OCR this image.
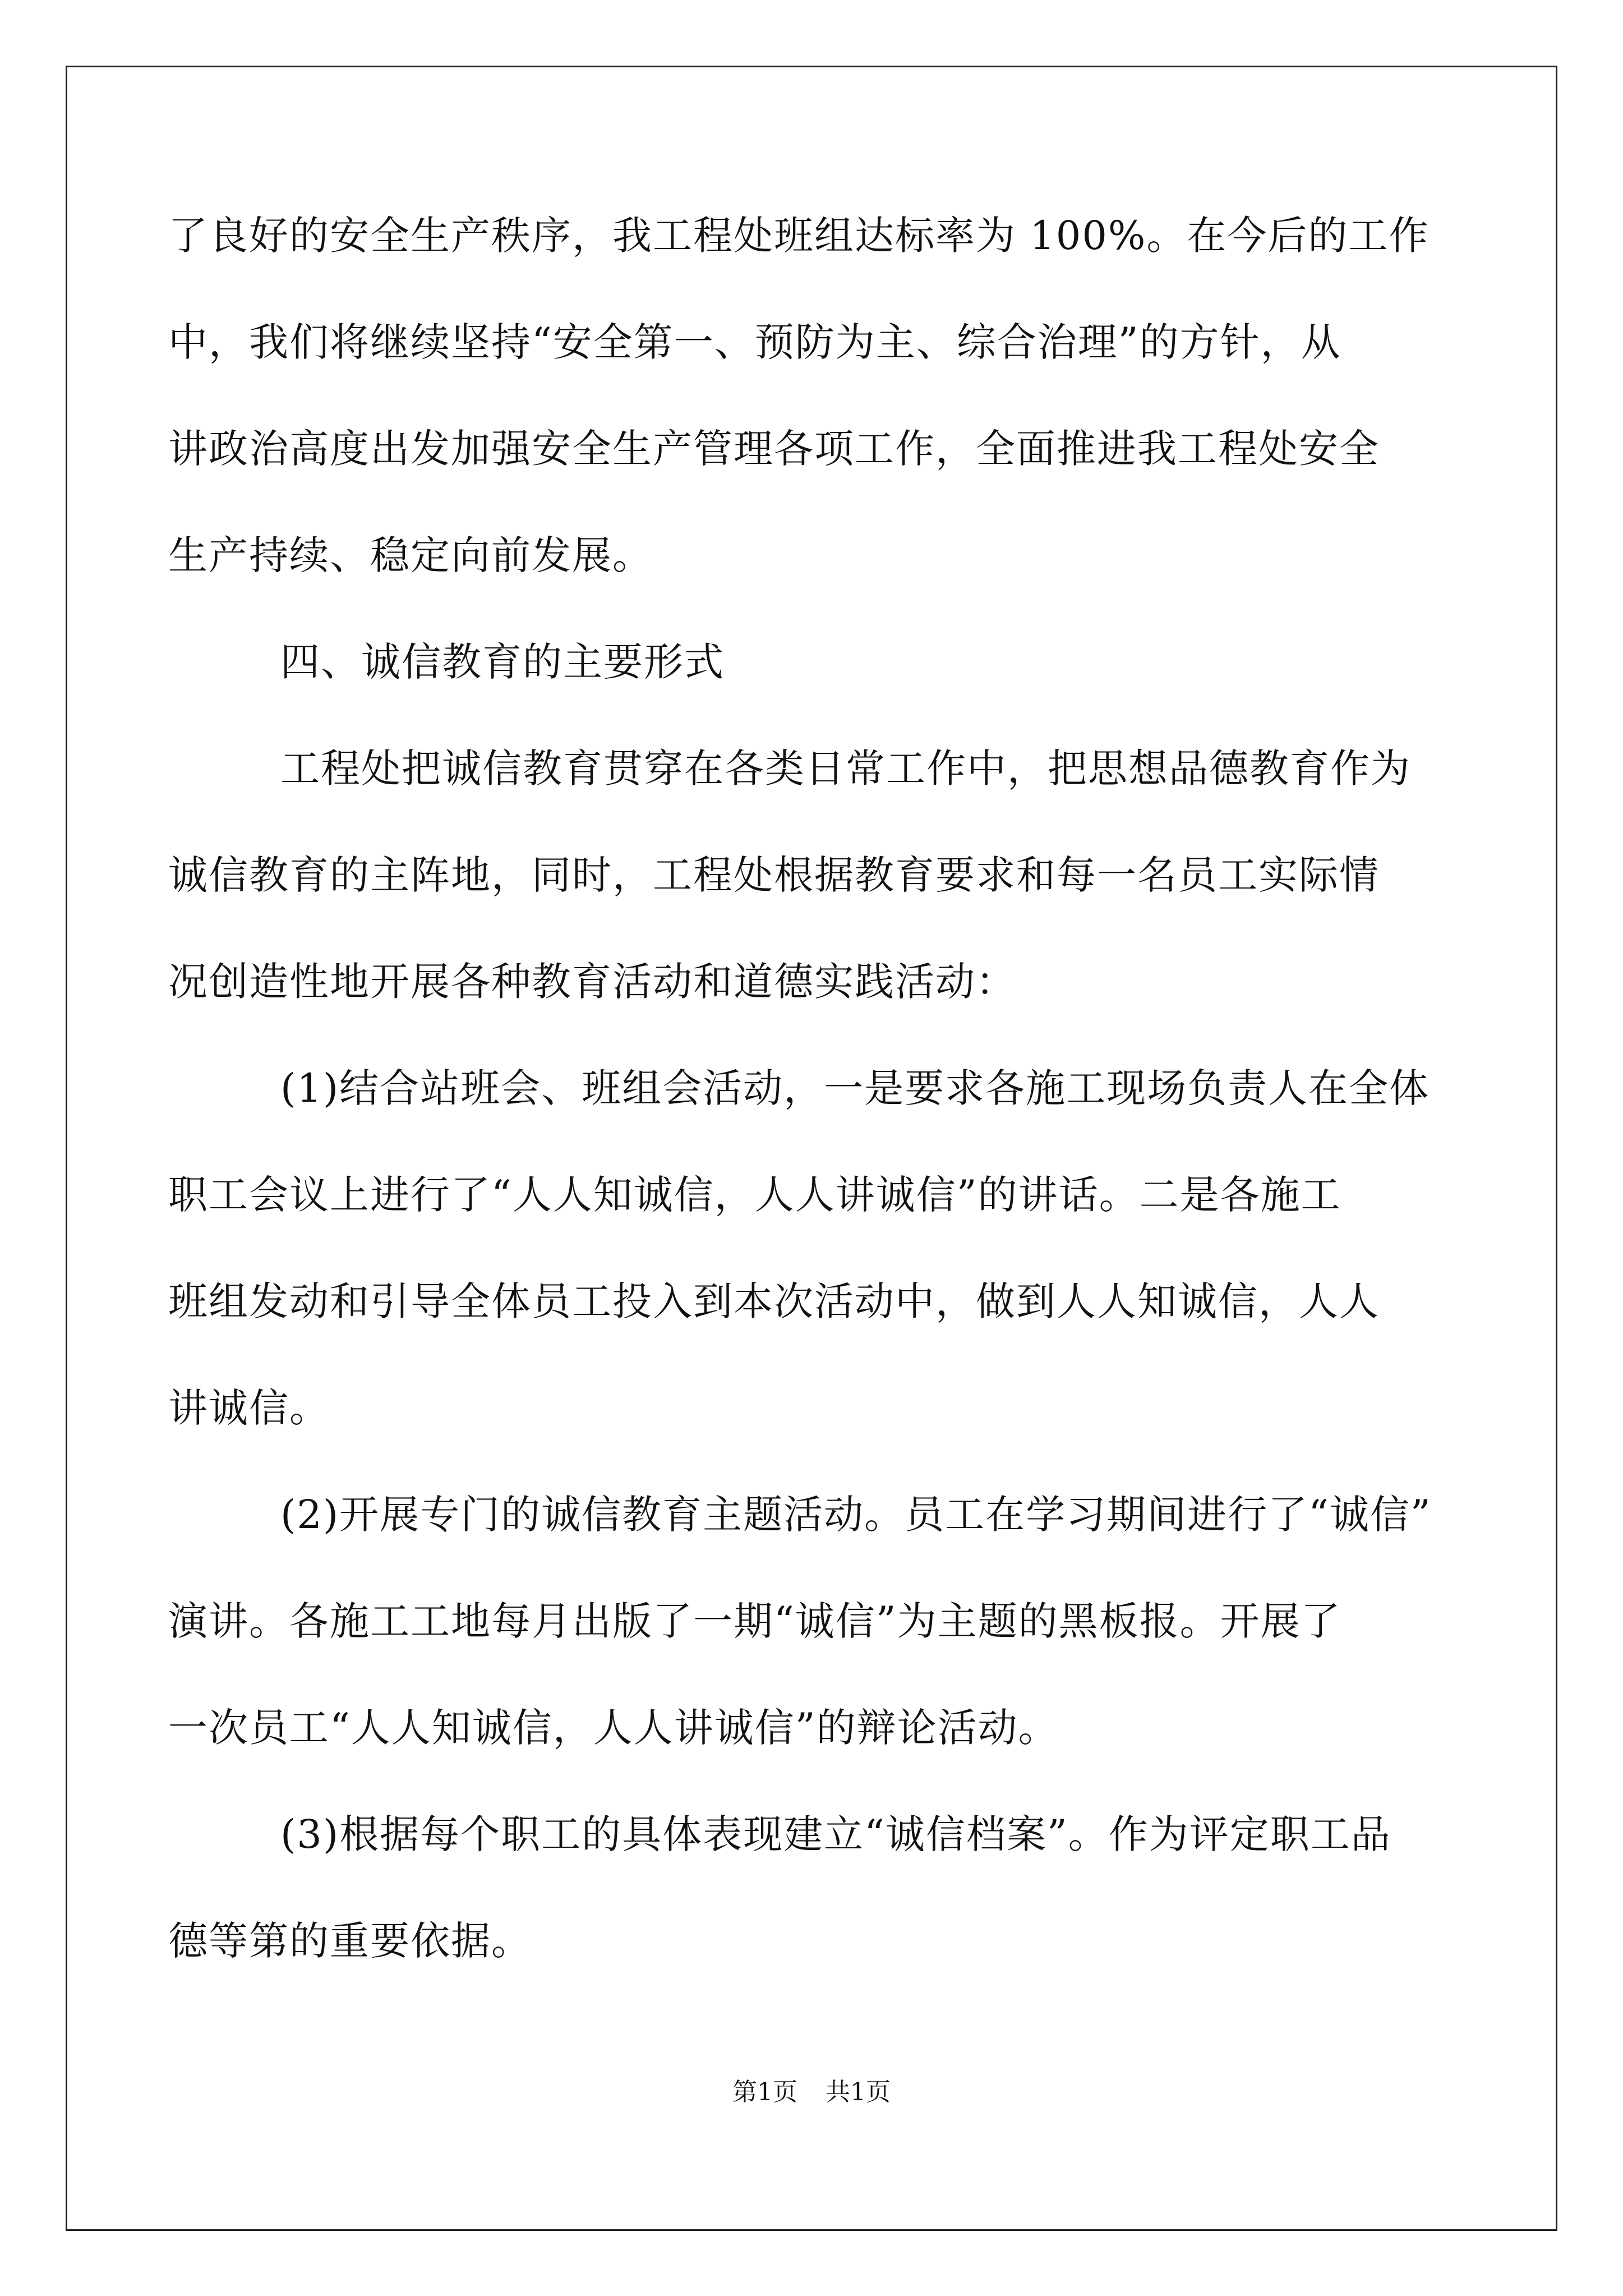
了良好的安全生产秩序，我工程处班组达标率为 100%。在今后的工作
中，我们将继续坚持“安全第一、预防为主、综合治理”的方针，从
讲政治高度出发加强安全生产管理各项工作，全面推进我工程处安全
生产持续、稳定向前发展。
四、诚信教育的主要形式
工程处把诚信教育贯穿在各类日常工作中，把思想品德教育作为
诚信教育的主阵地，同时，工程处根据教育要求和每一名员工实际情
况创造性地开展各种教育活动和道德实践活动：
(1)结合站班会、班组会活动，一是要求各施工现场负责人在全体
职工会议上进行了“人人知诚信，人人讲诚信”的讲话。二是各施工
班组发动和引导全体员工投入到本次活动中，做到人人知诚信，人人
讲诚信。
(2)开展专门的诚信教育主题活动。员工在学习期间进行了“诚信”
演讲。各施工工地每月出版了一期“诚信”为主题的黑板报。开展了
一次员工“人人知诚信，人人讲诚信”的辩论活动。
(3)根据每个职工的具体表现建立“诚信档案”。作为评定职工品
德等第的重要依据。
第1页 共1页
